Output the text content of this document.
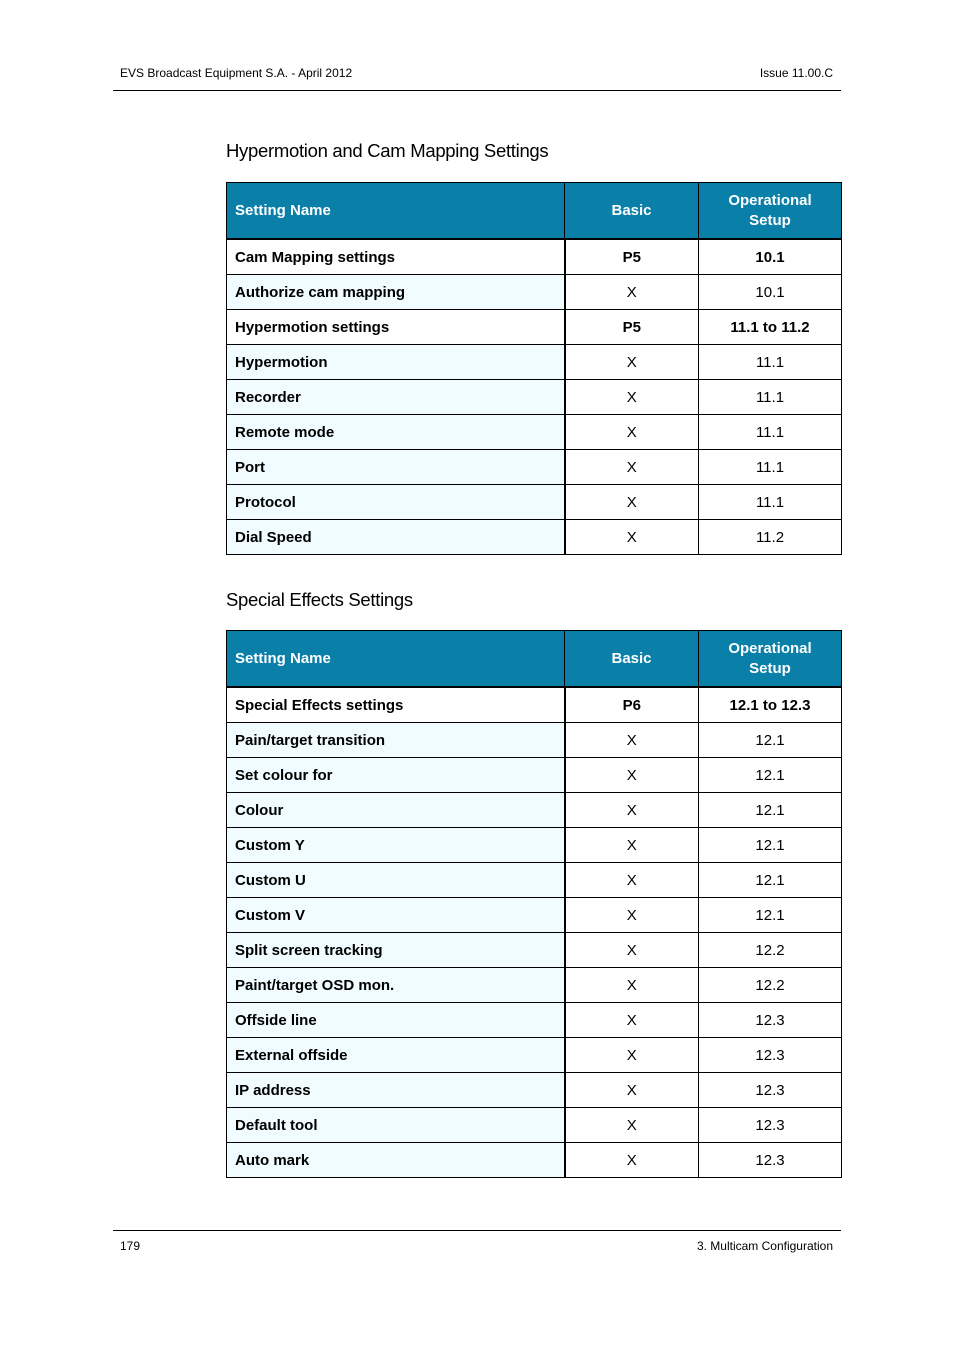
EVS Broadcast Equipment S.A. - April 2012	Issue 11.00.C
Hypermotion and Cam Mapping Settings
Setting Name	Basic	Operational
Setup
Cam Mapping settings	P5	10.1
Authorize cam mapping	X	10.1
Hypermotion settings	P5	11.1 to 11.2
Hypermotion	X	11.1
Recorder	X	11.1
Remote mode	X	11.1
Port	X	11.1
Protocol	X	11.1
Dial Speed	X	11.2
Special Effects Settings
Setting Name	Basic	Operational
Setup
Special Effects settings	P6	12.1 to 12.3
Pain/target transition	X	12.1
Set colour for	X	12.1
Colour	X	12.1
Custom Y	X	12.1
Custom U	X	12.1
Custom V	X	12.1
Split screen tracking	X	12.2
Paint/target OSD mon.	X	12.2
Offside line	X	12.3
External offside	X	12.3
IP address	X	12.3
Default tool	X	12.3
Auto mark	X	12.3
179	3. Multicam Configuration
